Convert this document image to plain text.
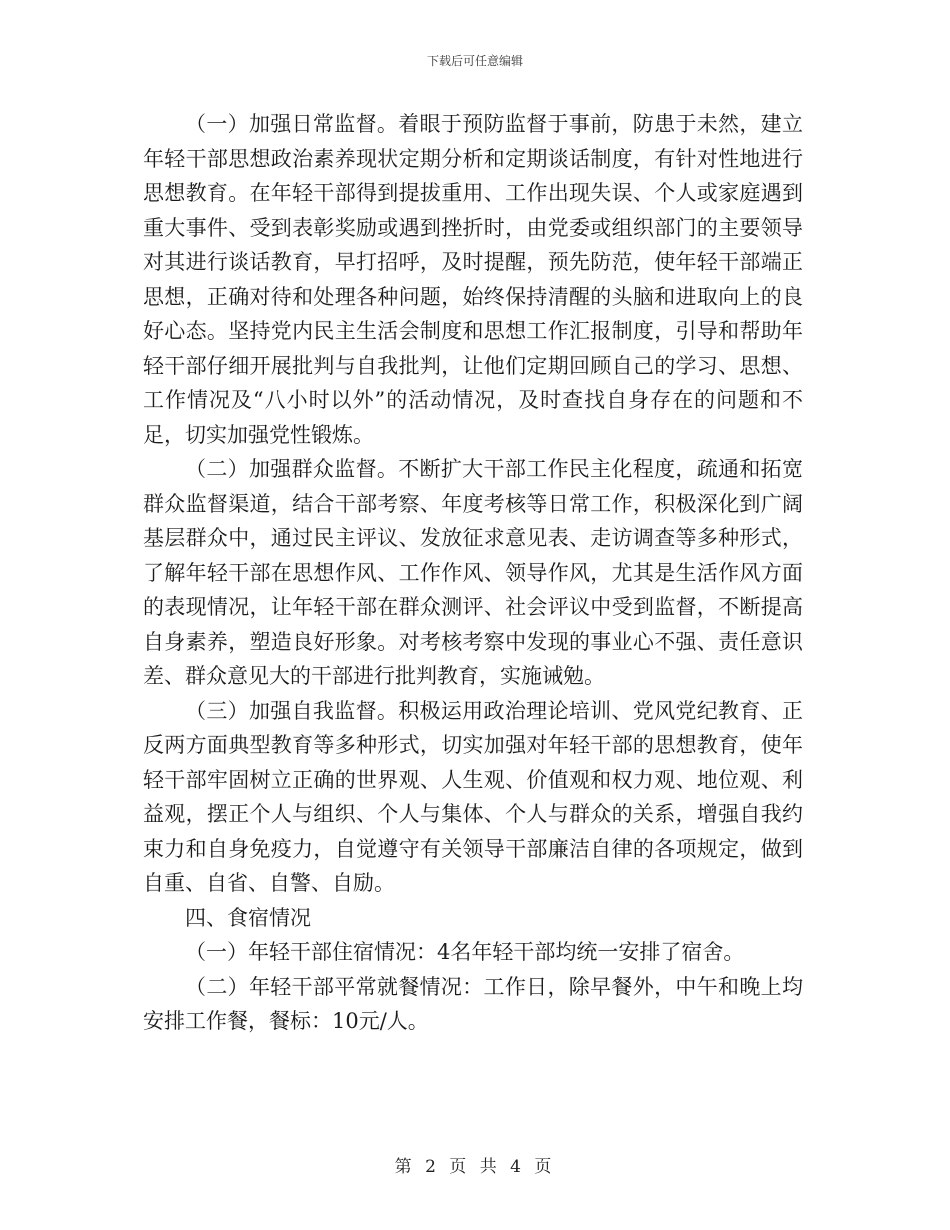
下载后可任意编辑

（一）加强日常监督。着眼于预防监督于事前，防患于未然，建立年轻干部思想政治素养现状定期分析和定期谈话制度，有针对性地进行思想教育。在年轻干部得到提拔重用、工作出现失误、个人或家庭遇到重大事件、受到表彰奖励或遇到挫折时，由党委或组织部门的主要领导对其进行谈话教育，早打招呼，及时提醒，预先防范，使年轻干部端正思想，正确对待和处理各种问题，始终保持清醒的头脑和进取向上的良好心态。坚持党内民主生活会制度和思想工作汇报制度，引导和帮助年轻干部仔细开展批判与自我批判，让他们定期回顾自己的学习、思想、工作情况及“八小时以外”的活动情况，及时查找自身存在的问题和不足，切实加强党性锻炼。

（二）加强群众监督。不断扩大干部工作民主化程度，疏通和拓宽群众监督渠道，结合干部考察、年度考核等日常工作，积极深化到广阔基层群众中，通过民主评议、发放征求意见表、走访调查等多种形式，了解年轻干部在思想作风、工作作风、领导作风，尤其是生活作风方面的表现情况，让年轻干部在群众测评、社会评议中受到监督，不断提高自身素养，塑造良好形象。对考核考察中发现的事业心不强、责任意识差、群众意见大的干部进行批判教育，实施诫勉。

（三）加强自我监督。积极运用政治理论培训、党风党纪教育、正反两方面典型教育等多种形式，切实加强对年轻干部的思想教育，使年轻干部牢固树立正确的世界观、人生观、价值观和权力观、地位观、利益观，摆正个人与组织、个人与集体、个人与群众的关系，增强自我约束力和自身免疫力，自觉遵守有关领导干部廉洁自律的各项规定，做到自重、自省、自警、自励。

四、食宿情况

（一）年轻干部住宿情况：4名年轻干部均统一安排了宿舍。

（二）年轻干部平常就餐情况：工作日，除早餐外，中午和晚上均安排工作餐，餐标：10元/人。

第 2 页 共 4 页
